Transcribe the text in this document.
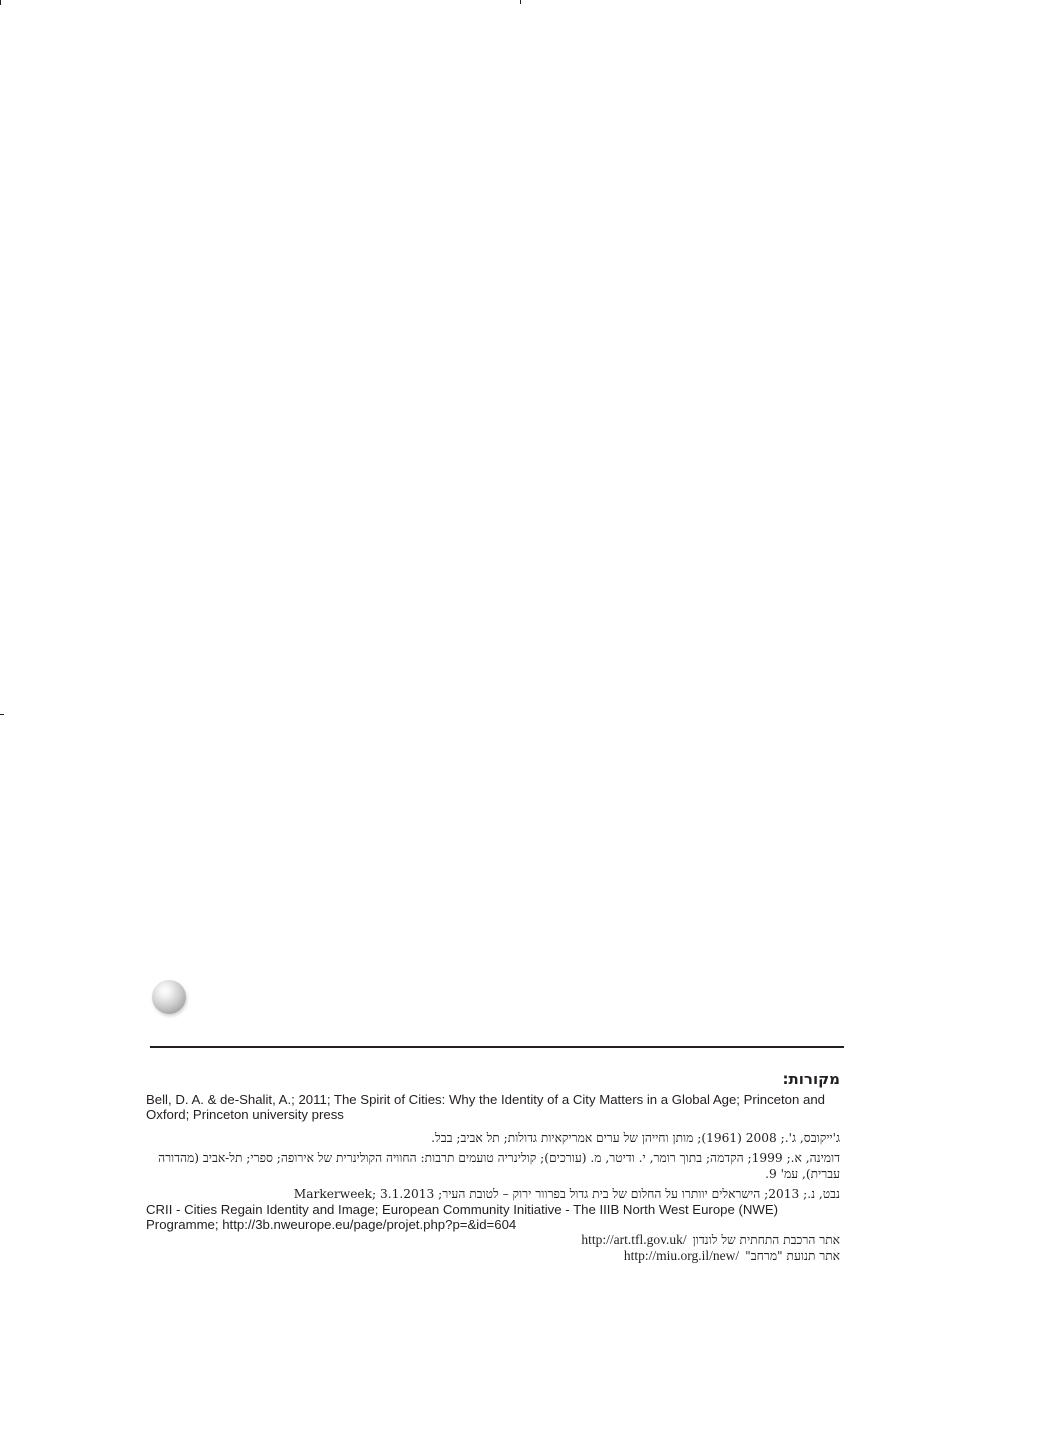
מקורות:

Bell, D. A. & de-Shalit, A.; 2011; The Spirit of Cities: Why the Identity of a City Matters in a Global Age; Princeton and Oxford; Princeton university press

ג'ייקובס, ג'.; 2008 (1961); מותן וחייהן של ערים אמריקאיות גדולות; תל אביב; בבל.

דומינה, א.; 1999; הקדמה; בתוך רומר, י. ודיטר, מ. (עורכים); קולינריה טועמים תרבות: החוויה הקולינרית של אירופה; ספרי; תל-אביב (מהדורה עברית), עמ' 9.

נבט, נ.; 2013; הישראלים יוותרו על החלום של בית גדול בפרוור ירוק – לטובת העיר; Markerweek; 3.1.2013

CRII - Cities Regain Identity and Image; European Community Initiative - The IIIB North West Europe (NWE) Programme; http://3b.nweurope.eu/page/projet.php?p=&id=604

אתר הרכבת התחתית של לונדוןhttp://art.tfl.gov.uk/

אתר תנועת "מרחב"http://miu.org.il/new/
